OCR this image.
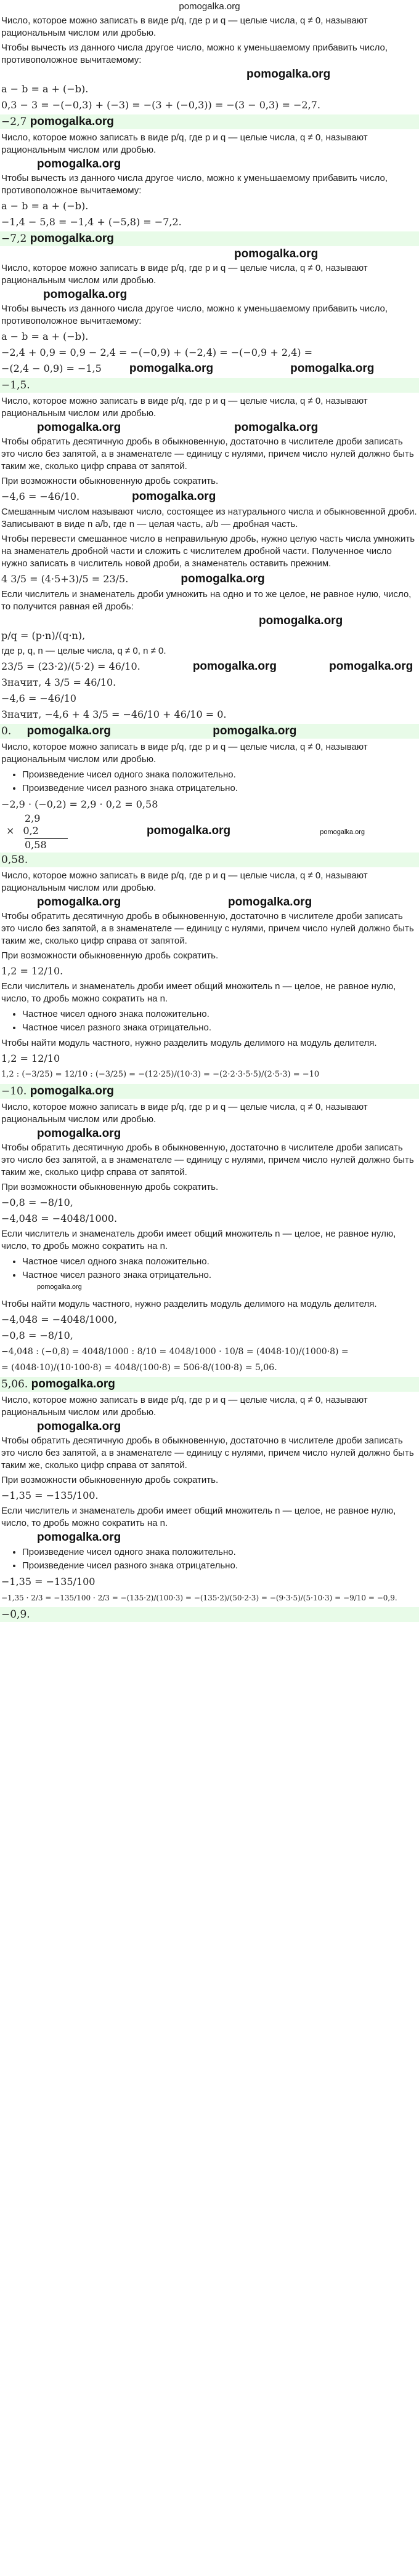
pomogalka.org
Число, которое можно записать в виде p/q, где p и q — целые числа, q ≠ 0, называют рациональным числом или дробью.
Чтобы вычесть из данного числа другое число, можно к уменьшаемому прибавить число, противоположное вычитаемому:
pomogalka.org
a − b = a + (−b).
0,3 − 3 = −(−0,3) + (−3) = −(3 + (−0,3)) = −(3 − 0,3) = −2,7.
−2,7 pomogalka.org
Число, которое можно записать в виде p/q, где p и q — целые числа, q ≠ 0, называют рациональным числом или дробью.
pomogalka.org
Чтобы вычесть из данного числа другое число, можно к уменьшаемому прибавить число, противоположное вычитаемому:
a − b = a + (−b).
−1,4 − 5,8 = −1,4 + (−5,8) = −7,2.
−7,2 pomogalka.org
pomogalka.org
Число, которое можно записать в виде p/q, где p и q — целые числа, q ≠ 0, называют рациональным числом или дробью.
pomogalka.org
Чтобы вычесть из данного числа другое число, можно к уменьшаемому прибавить число, противоположное вычитаемому:
a − b = a + (−b).
−2,4 + 0,9 = 0,9 − 2,4 = −(−0,9) + (−2,4) = −(−0,9 + 2,4) =
−(2,4 − 0,9) = −1,5 pomogalka.org	pomogalka.org
−1,5.
Число, которое можно записать в виде p/q, где p и q — целые числа, q ≠ 0, называют рациональным числом или дробью.
pomogalka.org	pomogalka.org
Чтобы обратить десятичную дробь в обыкновенную, достаточно в числителе дроби записать это число без запятой, а в знаменателе — единицу с нулями, причем число нулей должно быть таким же, сколько цифр справа от запятой.
При возможности обыкновенную дробь сократить.
−4,6 = −46/10.	pomogalka.org
Смешанным числом называют число, состоящее из натурального числа и обыкновенной дроби. Записывают в виде n a/b, где n — целая часть, a/b — дробная часть.
Чтобы перевести смешанное число в неправильную дробь, нужно целую часть числа умножить на знаменатель дробной части и сложить с числителем дробной части. Полученное число нужно записать в числитель новой дроби, а знаменатель оставить прежним.
4 3/5 = (4·5+3)/5 = 23/5.	pomogalka.org
Если числитель и знаменатель дроби умножить на одно и то же целое, не равное нулю, число, то получится равная ей дробь:
pomogalka.org
p/q = (p·n)/(q·n),
где p, q, n — целые числа, q ≠ 0, n ≠ 0.
23/5 = (23·2)/(5·2) = 46/10.	pomogalka.org	pomogalka.org
Значит, 4 3/5 = 46/10.
−4,6 = −46/10
Значит, −4,6 + 4 3/5 = −46/10 + 46/10 = 0.
0. pomogalka.org	pomogalka.org
Число, которое можно записать в виде p/q, где p и q — целые числа, q ≠ 0, называют рациональным числом или дробью.
• Произведение чисел одного знака положительно.
• Произведение чисел разного знака отрицательно.
−2,9 · (−0,2) = 2,9 · 0,2 = 0,58
2,9
× 0,2	pomogalka.org	pomogalka.org
0,58
0,58.
Число, которое можно записать в виде p/q, где p и q — целые числа, q ≠ 0, называют рациональным числом или дробью.
pomogalka.org	pomogalka.org
Чтобы обратить десятичную дробь в обыкновенную, достаточно в числителе дроби записать это число без запятой, а в знаменателе — единицу с нулями, причем число нулей должно быть таким же, сколько цифр справа от запятой.
При возможности обыкновенную дробь сократить.
1,2 = 12/10.
Если числитель и знаменатель дроби имеет общий множитель n — целое, не равное нулю, число, то дробь можно сократить на n.
• Частное чисел одного знака положительно.
• Частное чисел разного знака отрицательно.
Чтобы найти модуль частного, нужно разделить модуль делимого на модуль делителя.
1,2 = 12/10
1,2 : (−3/25) = 12/10 : (−3/25) = −(12·25)/(10·3) = −(2·2·3·5·5)/(2·5·3) = −10
−10. pomogalka.org
Число, которое можно записать в виде p/q, где p и q — целые числа, q ≠ 0, называют рациональным числом или дробью.
pomogalka.org
Чтобы обратить десятичную дробь в обыкновенную, достаточно в числителе дроби записать это число без запятой, а в знаменателе — единицу с нулями, причем число нулей должно быть таким же, сколько цифр справа от запятой.
При возможности обыкновенную дробь сократить.
−0,8 = −8/10,
−4,048 = −4048/1000.
Если числитель и знаменатель дроби имеет общий множитель n — целое, не равное нулю, число, то дробь можно сократить на n.
• Частное чисел одного знака положительно.
• Частное чисел разного знака отрицательно.
pomogalka.org
Чтобы найти модуль частного, нужно разделить модуль делимого на модуль делителя.
−4,048 = −4048/1000,
−0,8 = −8/10,
−4,048 : (−0,8) = 4048/1000 : 8/10 = 4048/1000 · 10/8 = (4048·10)/(1000·8) =
= (4048·10)/(10·100·8) = 4048/(100·8) = 506·8/(100·8) = 5,06.
5,06. pomogalka.org
Число, которое можно записать в виде p/q, где p и q — целые числа, q ≠ 0, называют рациональным числом или дробью.
pomogalka.org
Чтобы обратить десятичную дробь в обыкновенную, достаточно в числителе дроби записать это число без запятой, а в знаменателе — единицу с нулями, причем число нулей должно быть таким же, сколько цифр справа от запятой.
При возможности обыкновенную дробь сократить.
−1,35 = −135/100.
Если числитель и знаменатель дроби имеет общий множитель n — целое, не равное нулю, число, то дробь можно сократить на n.
pomogalka.org
• Произведение чисел одного знака положительно.
• Произведение чисел разного знака отрицательно.
−1,35 = −135/100
−1,35 · 2/3 = −135/100 · 2/3 = −(135·2)/(100·3) = −(135·2)/(50·2·3) = −(9·3·5)/(5·10·3) = −9/10 = −0,9.
−0,9.
